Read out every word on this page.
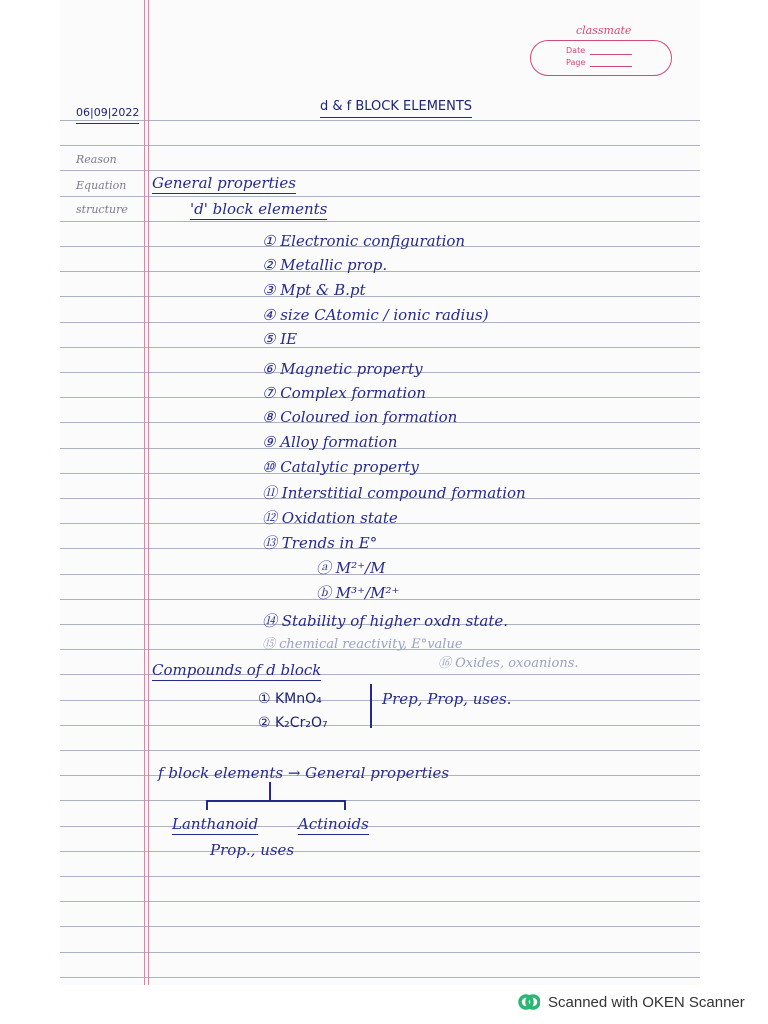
classmate
Date
Page
Reason
Equation
structure
06|09|2022	d & f BLOCK ELEMENTS
General properties
'd' block elements
① Electronic configuration
② Metallic prop.
③ Mpt & B.pt
④ size CAtomic / ionic radius)
⑤ IE
⑥ Magnetic property
⑦ Complex formation
⑧ Coloured ion formation
⑨ Alloy formation
⑩ Catalytic property
⑪ Interstitial compound formation
⑫ Oxidation state
⑬ Trends in E°
ⓐ M²⁺/M
ⓑ M³⁺/M²⁺
⑭ Stability of higher oxdn state.
⑮ chemical reactivity, E°value
⑯ Oxides, oxoanions.
Compounds of d block
① KMnO₄
② K₂Cr₂O₇
Prep, Prop, uses.
f block elements → General properties
Lanthanoid	Actinoids
Prop., uses
Scanned with OKEN Scanner
